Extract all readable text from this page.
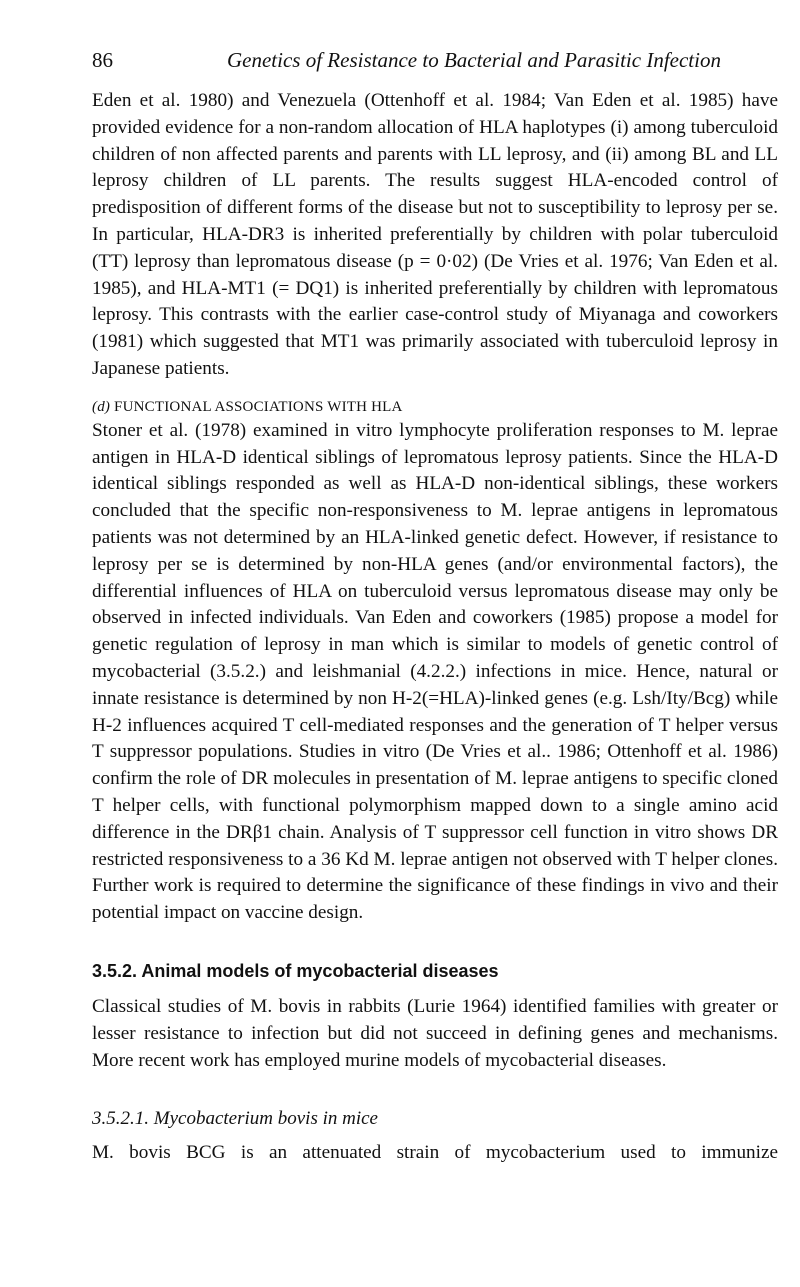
86	Genetics of Resistance to Bacterial and Parasitic Infection

Eden et al. 1980) and Venezuela (Ottenhoff et al. 1984; Van Eden et al. 1985) have provided evidence for a non-random allocation of HLA haplotypes (i) among tuberculoid children of non affected parents and parents with LL leprosy, and (ii) among BL and LL leprosy children of LL parents. The results suggest HLA-encoded control of predisposition of different forms of the disease but not to susceptibility to leprosy per se. In particular, HLA-DR3 is inherited preferentially by children with polar tuberculoid (TT) leprosy than lepromatous disease (p = 0·02) (De Vries et al. 1976; Van Eden et al. 1985), and HLA-MT1 (= DQ1) is inherited preferentially by children with lepromatous leprosy. This contrasts with the earlier case-control study of Miyanaga and coworkers (1981) which suggested that MT1 was primarily associated with tuberculoid leprosy in Japanese patients.

(d) FUNCTIONAL ASSOCIATIONS WITH HLA

Stoner et al. (1978) examined in vitro lymphocyte proliferation responses to M. leprae antigen in HLA-D identical siblings of lepromatous leprosy patients. Since the HLA-D identical siblings responded as well as HLA-D non-identical siblings, these workers concluded that the specific non-responsiveness to M. leprae antigens in lepromatous patients was not determined by an HLA-linked genetic defect. However, if resistance to leprosy per se is determined by non-HLA genes (and/or environmental factors), the differential influences of HLA on tuberculoid versus lepromatous disease may only be observed in infected individuals. Van Eden and coworkers (1985) propose a model for genetic regulation of leprosy in man which is similar to models of genetic control of mycobacterial (3.5.2.) and leishmanial (4.2.2.) infections in mice. Hence, natural or innate resistance is determined by non H-2(=HLA)-linked genes (e.g. Lsh/Ity/Bcg) while H-2 influences acquired T cell-mediated responses and the generation of T helper versus T suppressor populations. Studies in vitro (De Vries et al.. 1986; Ottenhoff et al. 1986) confirm the role of DR molecules in presentation of M. leprae antigens to specific cloned T helper cells, with functional polymorphism mapped down to a single amino acid difference in the DRβ1 chain. Analysis of T suppressor cell function in vitro shows DR restricted responsiveness to a 36 Kd M. leprae antigen not observed with T helper clones. Further work is required to determine the significance of these findings in vivo and their potential impact on vaccine design.

3.5.2. Animal models of mycobacterial diseases

Classical studies of M. bovis in rabbits (Lurie 1964) identified families with greater or lesser resistance to infection but did not succeed in defining genes and mechanisms. More recent work has employed murine models of mycobacterial diseases.

3.5.2.1. Mycobacterium bovis in mice

M. bovis BCG is an attenuated strain of mycobacterium used to immunize
